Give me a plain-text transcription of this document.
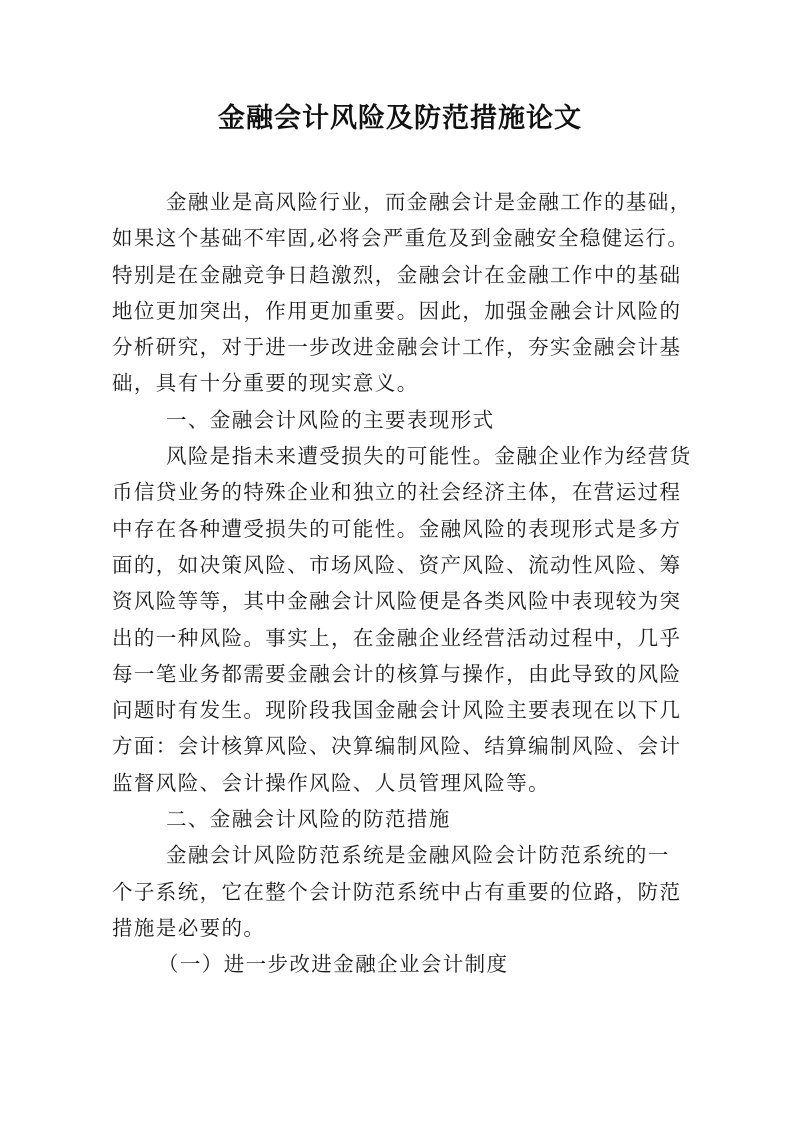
金融会计风险及防范措施论文
金融业是高风险行业，而金融会计是金融工作的基础，
如果这个基础不牢固,必将会严重危及到金融安全稳健运行。
特别是在金融竞争日趋激烈，金融会计在金融工作中的基础
地位更加突出，作用更加重要。因此，加强金融会计风险的
分析研究，对于进一步改进金融会计工作，夯实金融会计基
础，具有十分重要的现实意义。
一、金融会计风险的主要表现形式
风险是指未来遭受损失的可能性。金融企业作为经营货
币信贷业务的特殊企业和独立的社会经济主体，在营运过程
中存在各种遭受损失的可能性。金融风险的表现形式是多方
面的，如决策风险、市场风险、资产风险、流动性风险、筹
资风险等等，其中金融会计风险便是各类风险中表现较为突
出的一种风险。事实上，在金融企业经营活动过程中，几乎
每一笔业务都需要金融会计的核算与操作，由此导致的风险
问题时有发生。现阶段我国金融会计风险主要表现在以下几
方面：会计核算风险、决算编制风险、结算编制风险、会计
监督风险、会计操作风险、人员管理风险等。
二、金融会计风险的防范措施
金融会计风险防范系统是金融风险会计防范系统的一
个子系统，它在整个会计防范系统中占有重要的位路，防范
措施是必要的。
（一）进一步改进金融企业会计制度
